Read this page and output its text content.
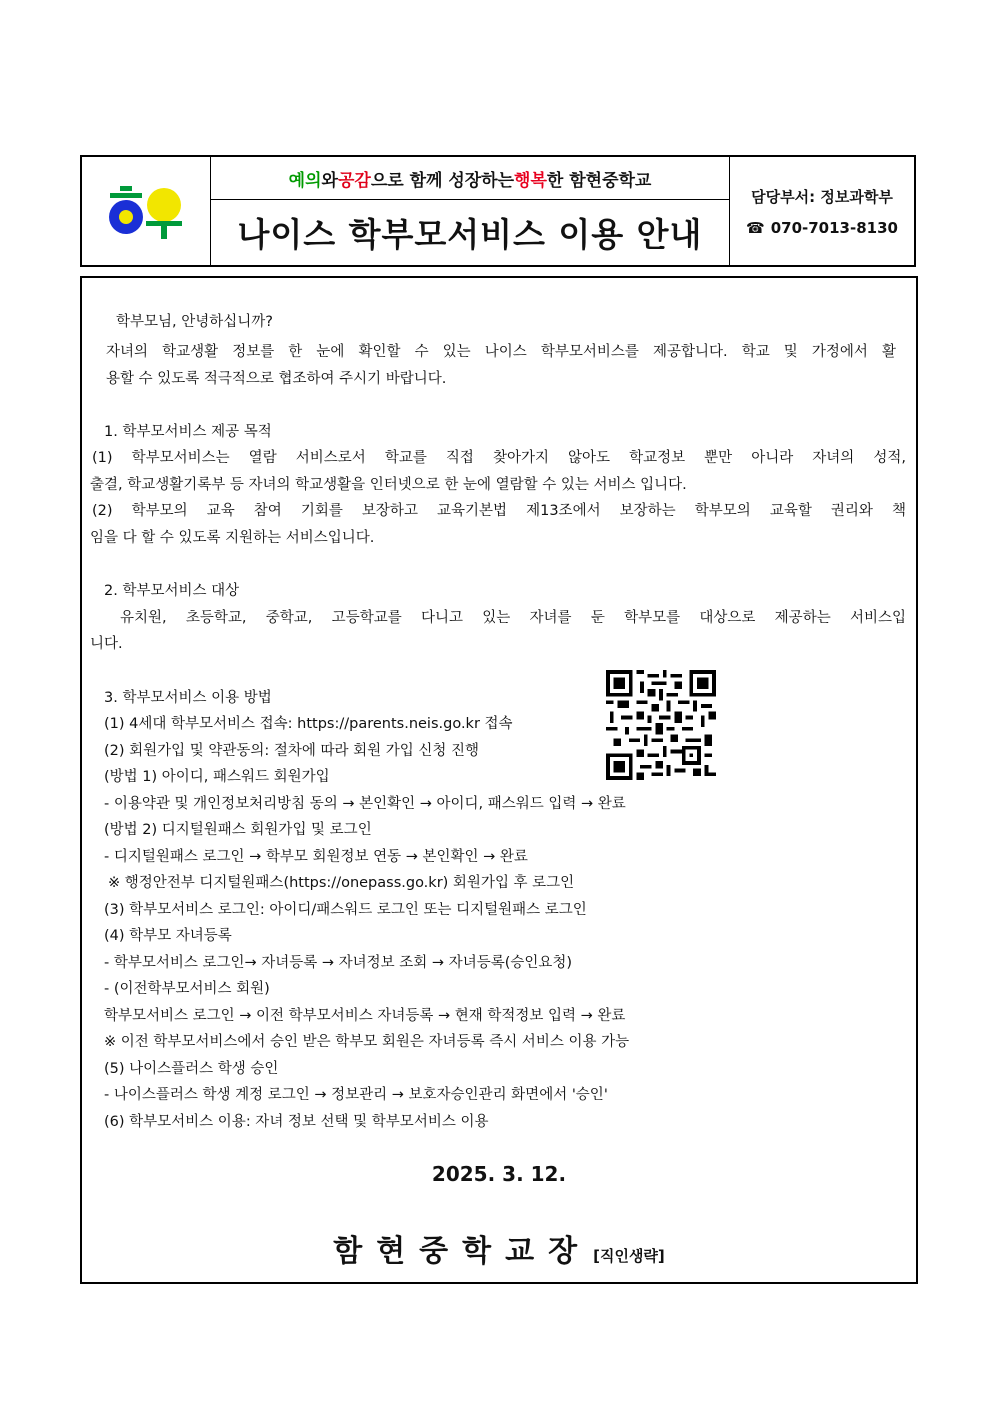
예의 와 공감 으로 함께 성장하는 행복 한 함현중학교
나이스 학부모서비스 이용 안내
담당부서: 정보과학부
☎ 070-7013-8130
학부모님, 안녕하십니까?
자녀의 학교생활 정보를 한 눈에 확인할 수 있는 나이스 학부모서비스를 제공합니다. 학교 및 가정에서 활
용할 수 있도록 적극적으로 협조하여 주시기 바랍니다.
1. 학부모서비스 제공 목적
(1) 학부모서비스는 열람 서비스로서 학교를 직접 찾아가지 않아도 학교정보 뿐만 아니라 자녀의 성적,
출결, 학교생활기록부 등 자녀의 학교생활을 인터넷으로 한 눈에 열람할 수 있는 서비스 입니다.
(2) 학부모의 교육 참여 기회를 보장하고 교육기본법 제13조에서 보장하는 학부모의 교육할 권리와 책
임을 다 할 수 있도록 지원하는 서비스입니다.
2. 학부모서비스 대상
유치원, 초등학교, 중학교, 고등학교를 다니고 있는 자녀를 둔 학부모를 대상으로 제공하는 서비스입
니다.
3. 학부모서비스 이용 방법
(1) 4세대 학부모서비스 접속: https://parents.neis.go.kr 접속
(2) 회원가입 및 약관동의: 절차에 따라 회원 가입 신청 진행
(방법 1) 아이디, 패스워드 회원가입
- 이용약관 및 개인정보처리방침 동의 → 본인확인 → 아이디, 패스워드 입력 → 완료
(방법 2) 디지털원패스 회원가입 및 로그인
- 디지털원패스 로그인 → 학부모 회원정보 연동 → 본인확인 → 완료
※ 행정안전부 디지털원패스(https://onepass.go.kr) 회원가입 후 로그인
(3) 학부모서비스 로그인: 아이디/패스워드 로그인 또는 디지털원패스 로그인
(4) 학부모 자녀등록
- 학부모서비스 로그인→ 자녀등록 → 자녀정보 조회 → 자녀등록(승인요청)
- (이전학부모서비스 회원)
학부모서비스 로그인 → 이전 학부모서비스 자녀등록 → 현재 학적정보 입력 → 완료
※ 이전 학부모서비스에서 승인 받은 학부모 회원은 자녀등록 즉시 서비스 이용 가능
(5) 나이스플러스 학생 승인
- 나이스플러스 학생 계정 로그인 → 정보관리 → 보호자승인관리 화면에서 '승인'
(6) 학부모서비스 이용: 자녀 정보 선택 및 학부모서비스 이용
2025. 3. 12.
함현중학교장 [직인생략]
